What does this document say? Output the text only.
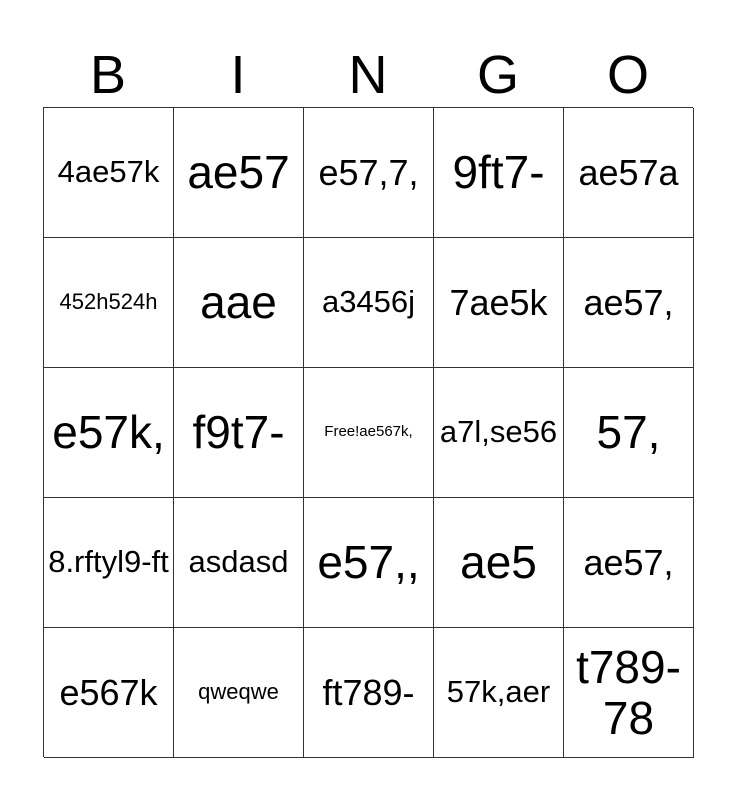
B	I	N	G	O
4ae57k ae57 e57,7, 9ft7- ae57a
452h524h aae	a3456j 7ae5k ae57,
e57k, f9t7-	Free!ae567k, a7l,se56 57,
8.rftyl9-ft asdasd e57,, ae5	ae57,
e567k	qweqwe	ft789-	57k,aer t789-78
